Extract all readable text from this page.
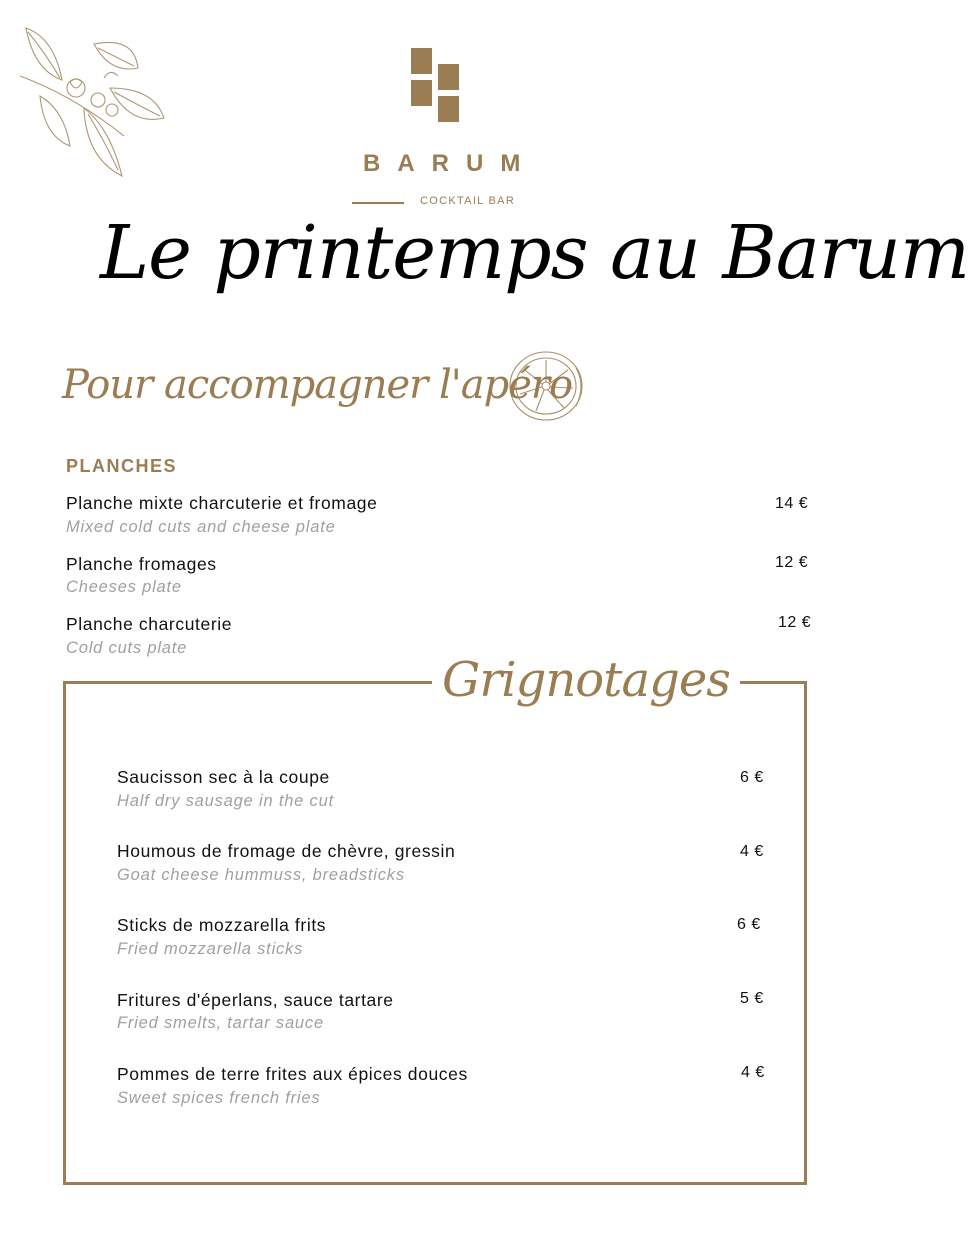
BARUM
COCKTAIL BAR
Le printemps au Barum
Pour accompagner l'apéro
PLANCHES
Planche mixte charcuterie et fromage
Mixed cold cuts and cheese plate
14 €
Planche fromages
Cheeses plate
12 €
Planche charcuterie
Cold cuts plate
12 €
Grignotages
Saucisson sec à la coupe
Half dry sausage in the cut
6 €
Houmous de fromage de chèvre, gressin
Goat cheese hummuss, breadsticks
4 €
Sticks de mozzarella frits
Fried mozzarella sticks
6 €
Fritures d'éperlans, sauce tartare
Fried smelts, tartar sauce
5 €
Pommes de terre frites aux épices douces
Sweet spices french fries
4 €
